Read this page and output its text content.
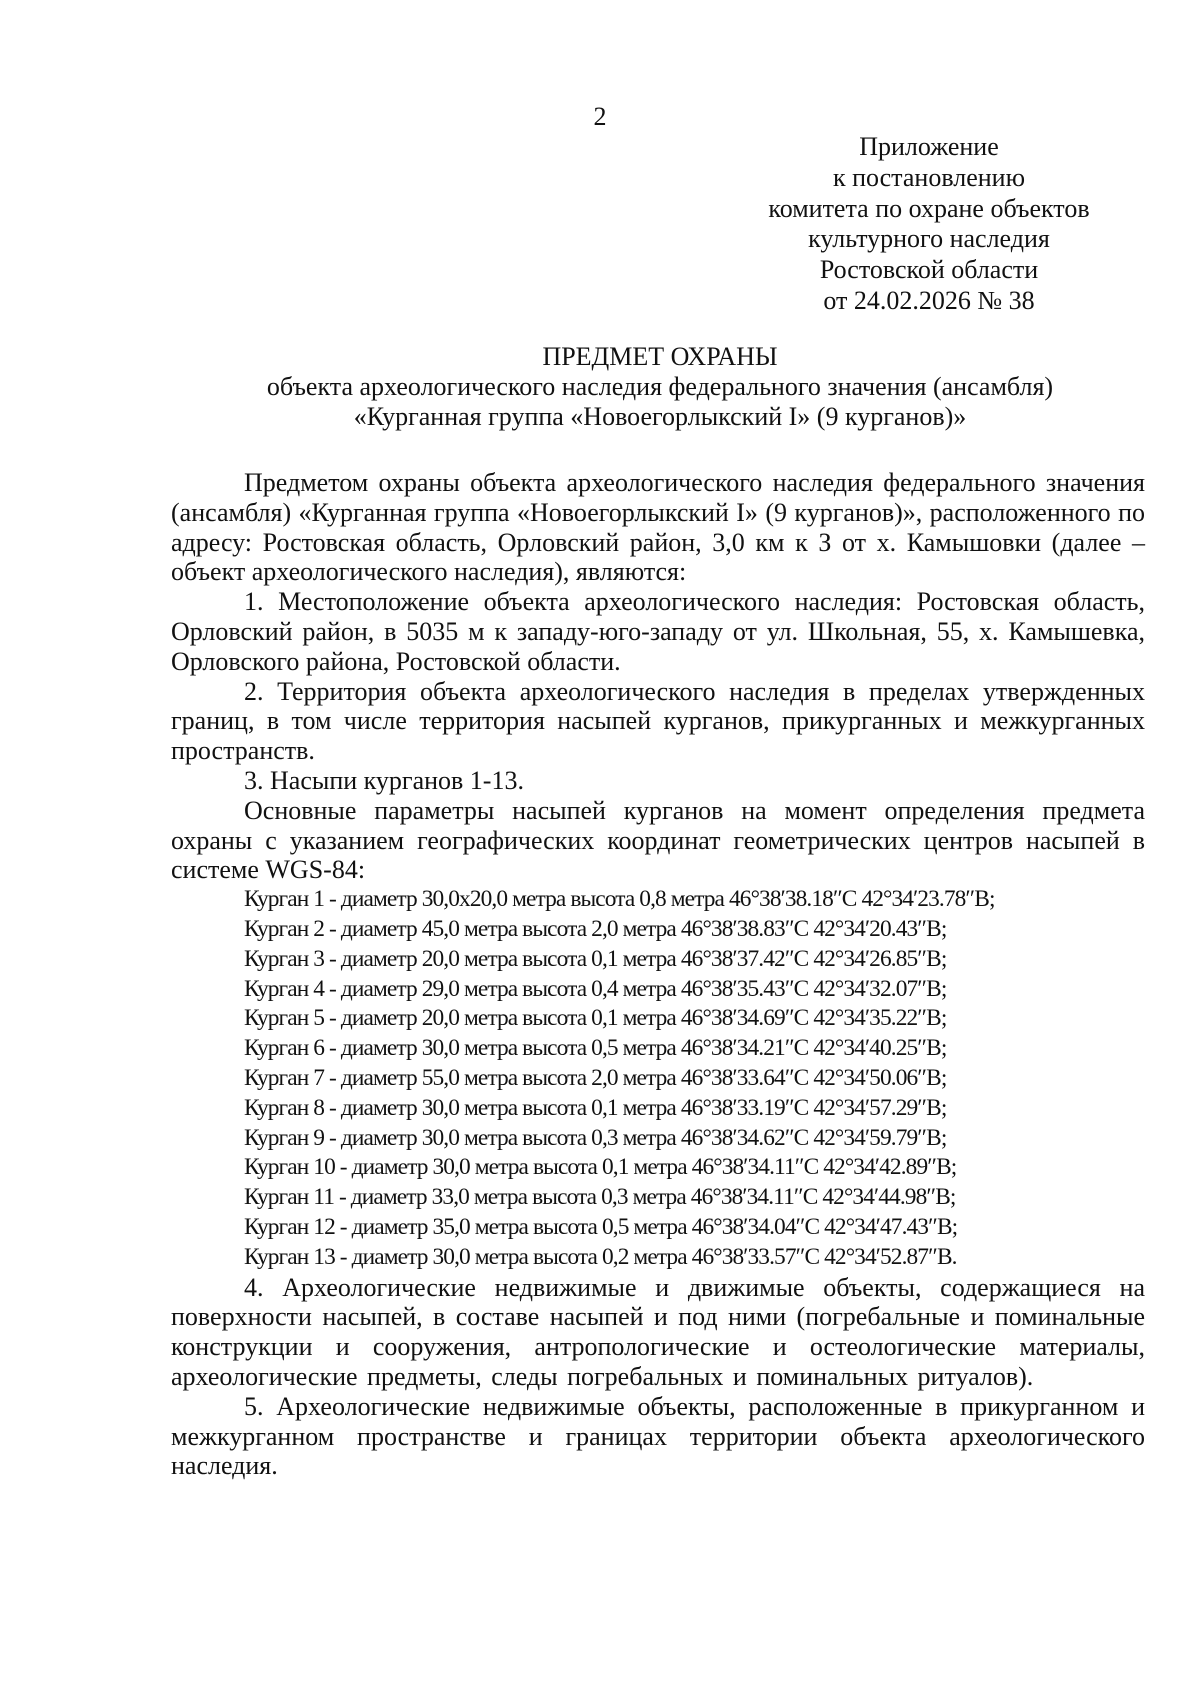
2
Приложение
к постановлению
комитета по охране объектов
культурного наследия
Ростовской области
от 24.02.2026 № 38
ПРЕДМЕТ ОХРАНЫ
объекта археологического наследия федерального значения (ансамбля)
«Курганная группа «Новоегорлыкский I» (9 курганов)»

Предметом охраны объекта археологического наследия федерального значения (ансамбля) «Курганная группа «Новоегорлыкский I» (9 курганов)», расположенного по адресу: Ростовская область, Орловский район, 3,0 км к З от х. Камышовки (далее – объект археологического наследия), являются:

1. Местоположение объекта археологического наследия: Ростовская область, Орловский район, в 5035 м к западу-юго-западу от ул. Школьная, 55, х. Камышевка, Орловского района, Ростовской области.

2. Территория объекта археологического наследия в пределах утвержденных границ, в том числе территория насыпей курганов, прикурганных и межкурганных пространств.

3. Насыпи курганов 1-13.

Основные параметры насыпей курганов на момент определения предмета охраны с указанием географических координат геометрических центров насыпей в системе WGS-84:

Курган 1 - диаметр 30,0х20,0 метра высота 0,8 метра 46°38′38.18″С 42°34′23.78″В;
Курган 2 - диаметр 45,0 метра высота 2,0 метра 46°38′38.83″С 42°34′20.43″В;
Курган 3 - диаметр 20,0 метра высота 0,1 метра 46°38′37.42″С 42°34′26.85″В;
Курган 4 - диаметр 29,0 метра высота 0,4 метра 46°38′35.43″С 42°34′32.07″В;
Курган 5 - диаметр 20,0 метра высота 0,1 метра 46°38′34.69″С 42°34′35.22″В;
Курган 6 - диаметр 30,0 метра высота 0,5 метра 46°38′34.21″С 42°34′40.25″В;
Курган 7 - диаметр 55,0 метра высота 2,0 метра 46°38′33.64″С 42°34′50.06″В;
Курган 8 - диаметр 30,0 метра высота 0,1 метра 46°38′33.19″С 42°34′57.29″В;
Курган 9 - диаметр 30,0 метра высота 0,3 метра 46°38′34.62″С 42°34′59.79″В;
Курган 10 - диаметр 30,0 метра высота 0,1 метра 46°38′34.11″С 42°34′42.89″В;
Курган 11 - диаметр 33,0 метра высота 0,3 метра 46°38′34.11″С 42°34′44.98″В;
Курган 12 - диаметр 35,0 метра высота 0,5 метра 46°38′34.04″С 42°34′47.43″В;
Курган 13 - диаметр 30,0 метра высота 0,2 метра 46°38′33.57″С 42°34′52.87″В.

4. Археологические недвижимые и движимые объекты, содержащиеся на поверхности насыпей, в составе насыпей и под ними (погребальные и поминальные конструкции и сооружения, антропологические и остеологические материалы, археологические предметы, следы погребальных и поминальных ритуалов).

5. Археологические недвижимые объекты, расположенные в прикурганном и межкурганном пространстве и границах территории объекта археологического наследия.
